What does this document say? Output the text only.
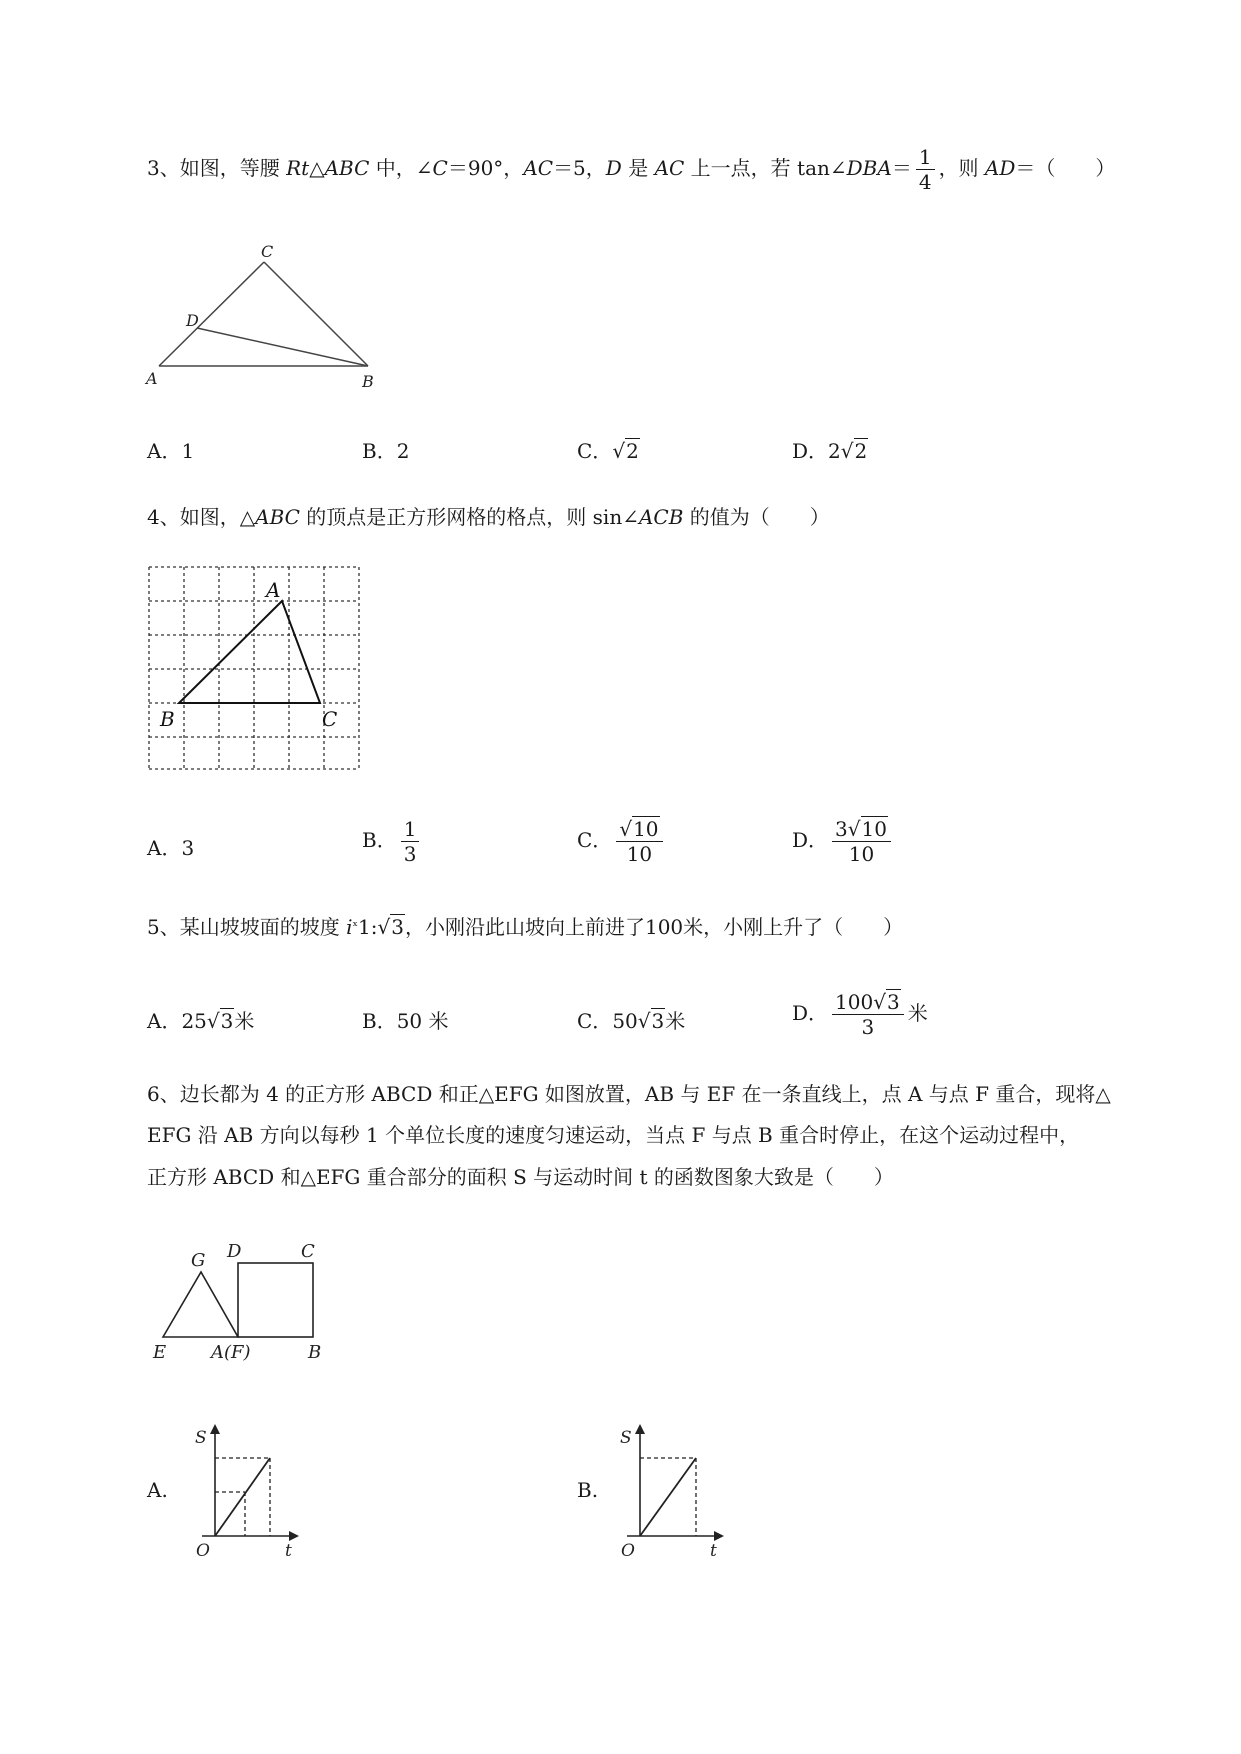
3、如图，等腰 Rt△ABC 中，∠C＝90°，AC＝5，D 是 AC 上一点，若 tan∠DBA＝ $\frac{1}{4}$ ，则 AD＝（　　）
C
D
A	B
A．1	B．2	C．√2	D．2√2
4、如图，△ABC 的顶点是正方形网格的格点，则 sin∠ACB 的值为（　　）
A
B	C
A．3	B． $\frac{1}{3}$	C． $\frac{√10}{10}$	D． $\frac{3√10}{10}$
5、某山坡坡面的坡度 $i^ˣ1:√3$，小刚沿此山坡向上前进了100米，小刚上升了（　　）
A．25√3米	B．50 米	C．50√3米	D． $\frac{100√3}{3}$ 米
6、边长都为 4 的正方形 ABCD 和正△EFG 如图放置，AB 与 EF 在一条直线上，点 A 与点 F 重合，现将△
EFG 沿 AB 方向以每秒 1 个单位长度的速度匀速运动，当点 F 与点 B 重合时停止，在这个运动过程中，
正方形 ABCD 和△EFG 重合部分的面积 S 与运动时间 t 的函数图象大致是（　　）
G D	C
E A(F)	B
A.
S
t
O
B.
S
t
O
